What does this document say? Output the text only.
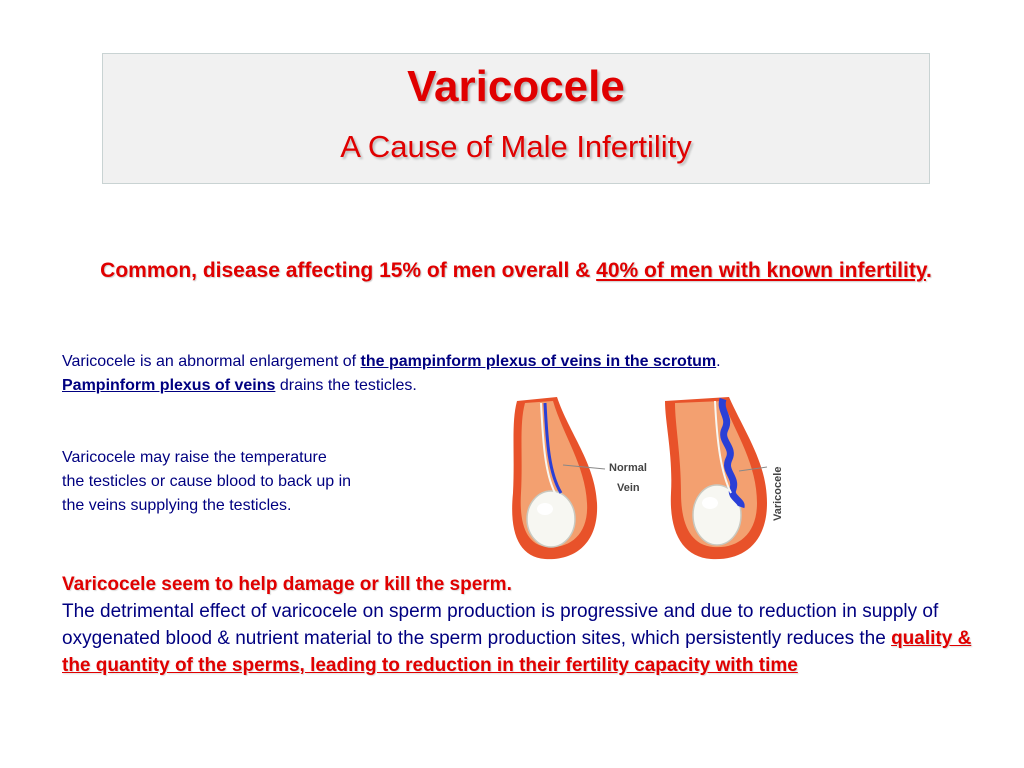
Varicocele
A Cause of Male Infertility
Common, disease affecting 15% of men overall & 40% of men with known infertility.
Varicocele is an abnormal enlargement of the pampinform plexus of veins in the scrotum.
Pampinform plexus of veins drains the testicles.
Varicocele may raise the temperature
the testicles or cause blood to back up in
the veins supplying the testicles.
Normal
Vein	Varicocele
Varicocele seem to help damage or kill the sperm.
The detrimental effect of varicocele on sperm production is progressive and due to reduction in supply of oxygenated blood & nutrient material to the sperm production sites, which persistently reduces the quality & the quantity of the sperms, leading to reduction in their fertility capacity with time
